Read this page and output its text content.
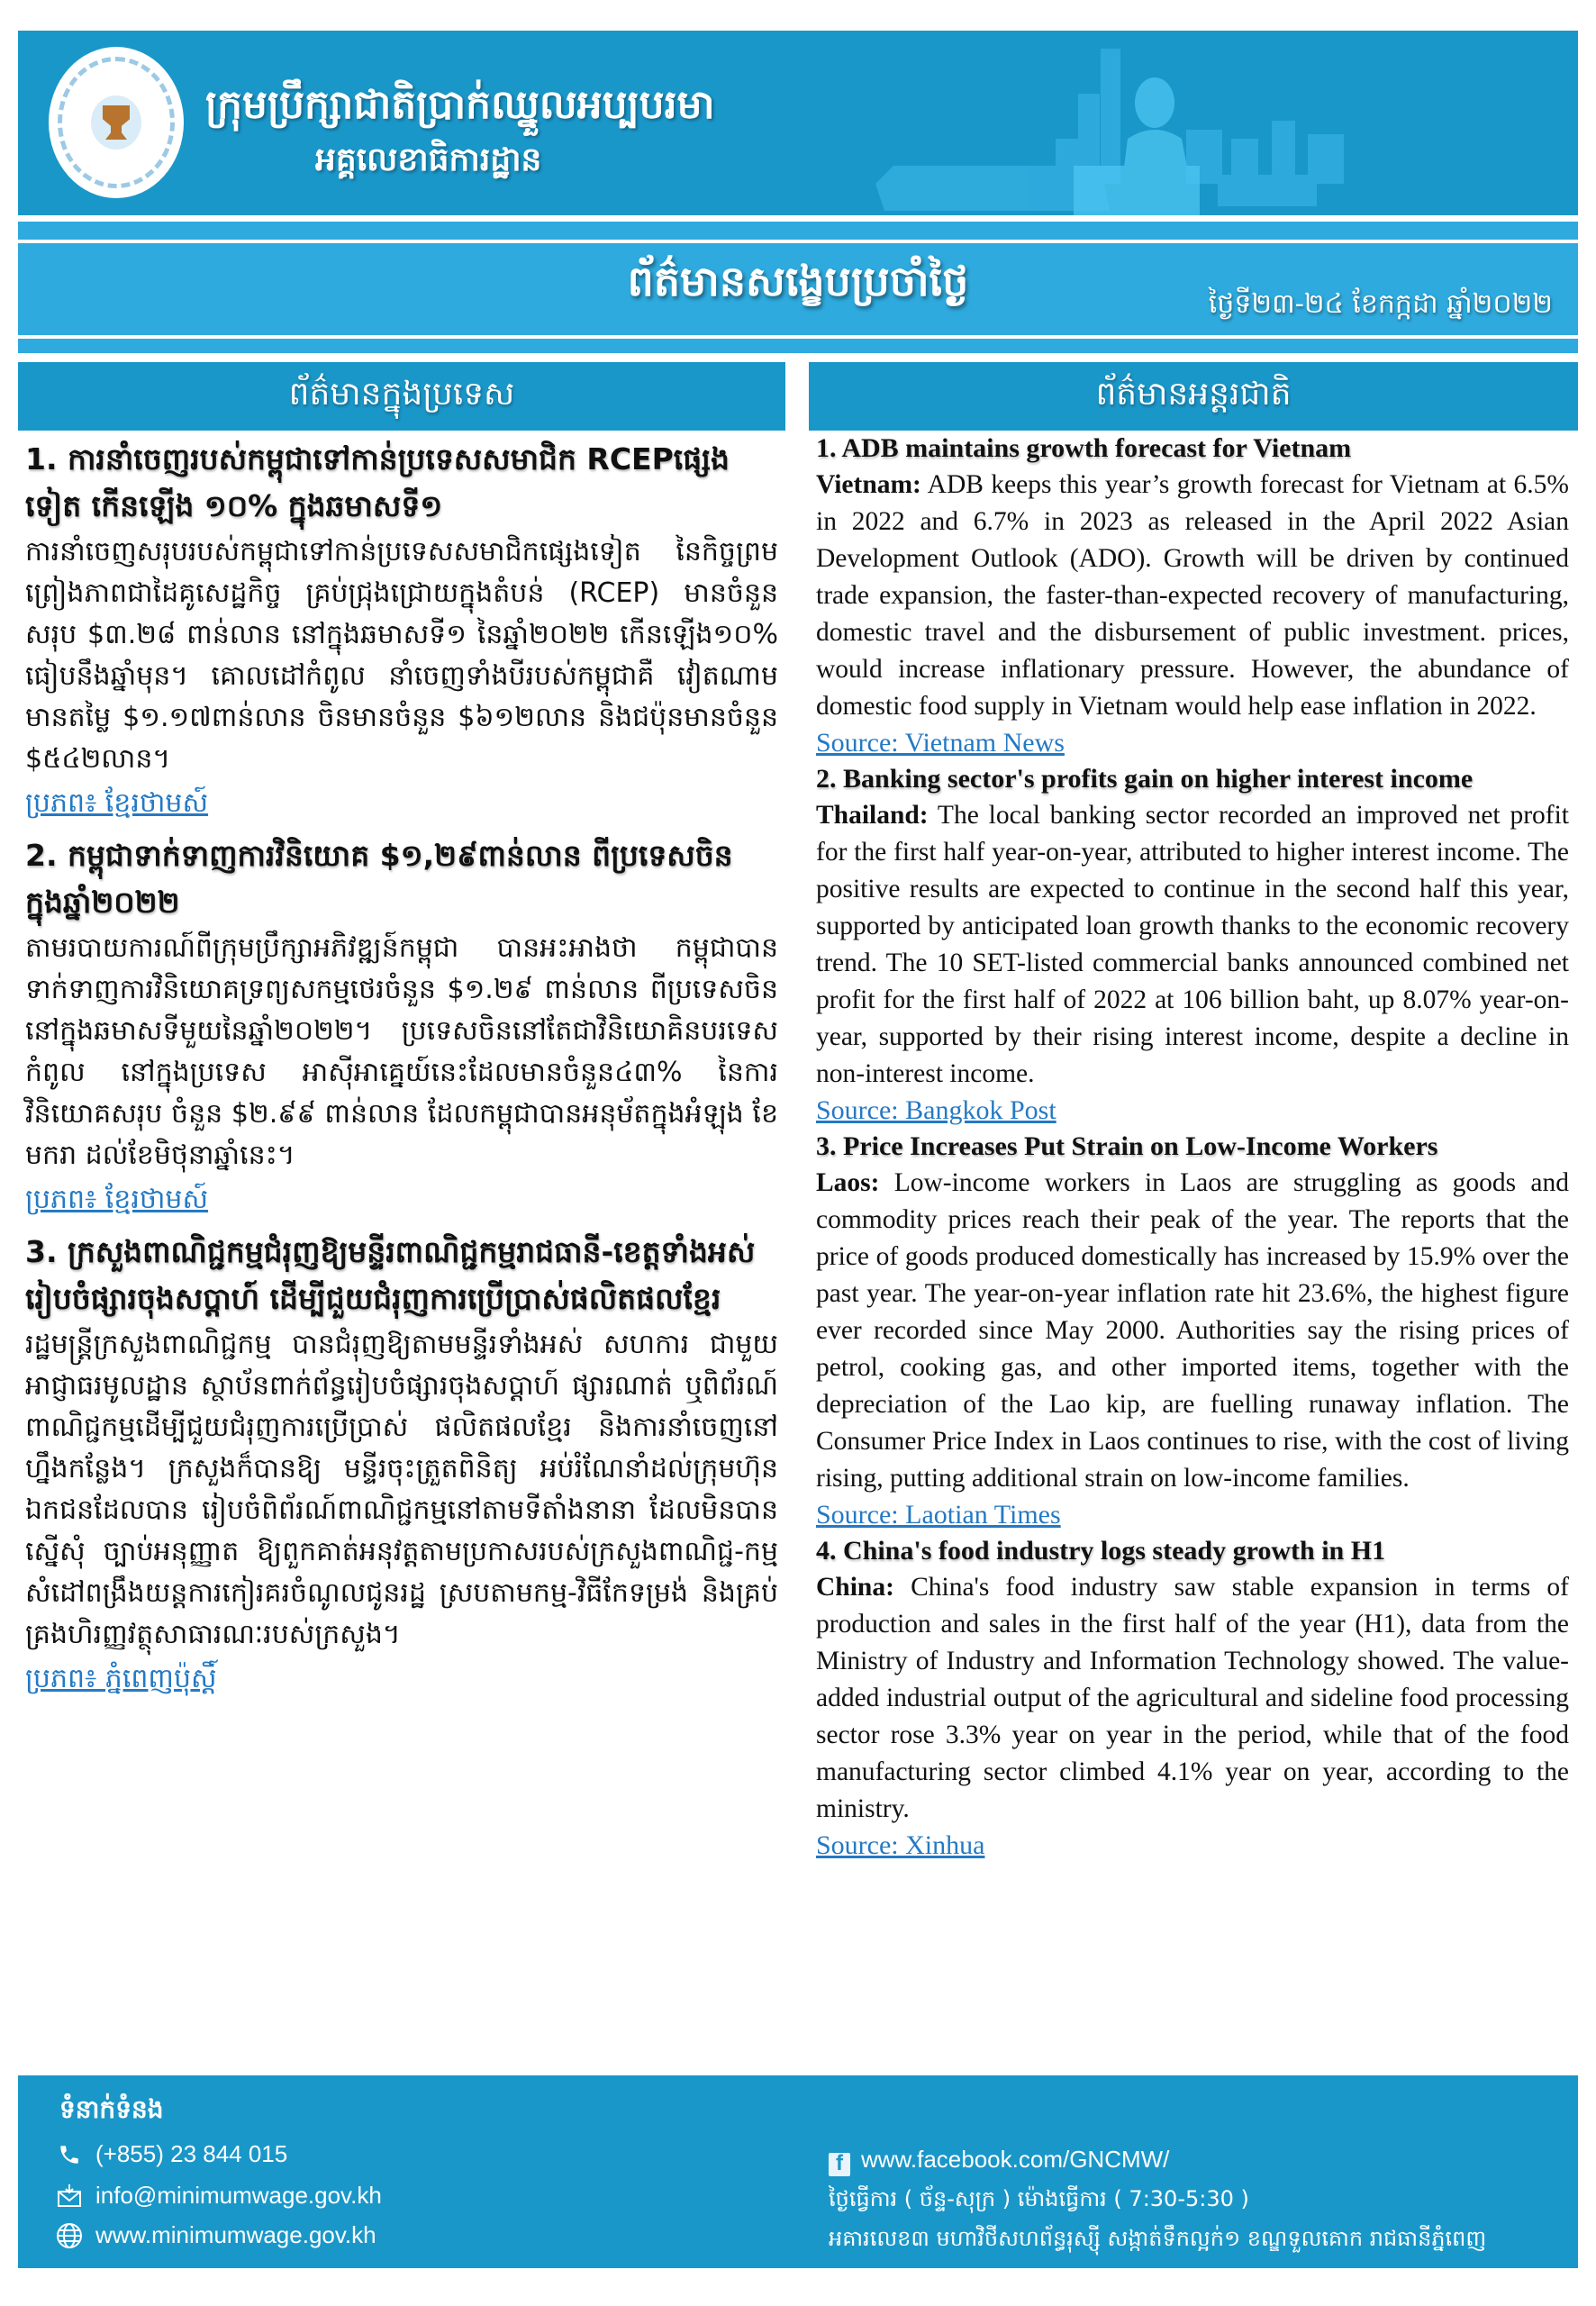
ក្រុមប្រឹក្សាជាតិប្រាក់ឈ្នួលអប្បបរមា
អគ្គលេខាធិការដ្ឋាន
ព័ត៌មានសង្ខេបប្រចាំថ្ងៃ	ថ្ងៃទី២៣-២៤ ខែកក្កដា ឆ្នាំ២០២២
ព័ត៌មានក្នុងប្រទេស

1. ការនាំចេញរបស់កម្ពុជាទៅកាន់ប្រទេសសមាជិក RCEPផ្សេងទៀត កើនឡើង ១០% ក្នុងឆមាសទី១

ការនាំចេញសរុបរបស់កម្ពុជាទៅកាន់ប្រទេសសមាជិកផ្សេងទៀត នៃកិច្ចព្រមព្រៀងភាពជាដៃគូសេដ្ឋកិច្ច គ្រប់ជ្រុងជ្រោយក្នុងតំបន់ (RCEP) មានចំនួនសរុប $៣.២៨ ពាន់លាន នៅក្នុងឆមាសទី១ នៃឆ្នាំ២០២២ កើនឡើង១០% ធៀបនឹងឆ្នាំមុន។ គោលដៅកំពូល នាំចេញទាំងបីរបស់កម្ពុជាគឺ វៀតណាមមានតម្លៃ $១.១៧ពាន់លាន ចិនមានចំនួន $៦១២លាន និងជប៉ុនមានចំនួន $៥៤២លាន។

ប្រភព៖ ខ្មែរថាមស៍

2. កម្ពុជាទាក់ទាញការវិនិយោគ $១,២៩ពាន់លាន ពីប្រទេសចិន ក្នុងឆ្នាំ២០២២

តាមរបាយការណ៍ពីក្រុមប្រឹក្សាអភិវឌ្ឍន៍កម្ពុជា បានអះអាងថា កម្ពុជាបានទាក់ទាញការវិនិយោគទ្រព្យសកម្មថេរចំនួន $១.២៩ ពាន់លាន ពីប្រទេសចិននៅក្នុងឆមាសទីមួយនៃឆ្នាំ២០២២។ ប្រទេសចិននៅតែជាវិនិយោគិនបរទេសកំពូល នៅក្នុងប្រទេស អាស៊ីអាគ្នេយ៍នេះដែលមានចំនួន៤៣% នៃការវិនិយោគសរុប ចំនួន $២.៩៩ ពាន់លាន ដែលកម្ពុជាបានអនុម័តក្នុងអំឡុង ខែមករា ដល់ខែមិថុនាឆ្នាំនេះ។

ប្រភព៖ ខ្មែរថាមស៍

3. ក្រសួងពាណិជ្ជកម្មជំរុញឱ្យមន្ទីរពាណិជ្ជកម្មរាជធានី-ខេត្តទាំងអស់ រៀបចំផ្សារចុងសប្តាហ៍ ដើម្បីជួយជំរុញការប្រើប្រាស់ផលិតផលខ្មែរ

រដ្ឋមន្ត្រីក្រសួងពាណិជ្ជកម្ម បានជំរុញឱ្យតាមមន្ទីរទាំងអស់ សហការ ជាមួយអាជ្ញាធរមូលដ្ឋាន ស្ថាប័នពាក់ព័ន្ធរៀបចំផ្សារចុងសប្តាហ៍ ផ្សារណាត់ ឬពិព័រណ៍ពាណិជ្ជកម្មដើម្បីជួយជំរុញការប្រើប្រាស់ ផលិតផលខ្មែរ និងការនាំចេញនៅហ្នឹងកន្លែង។ ក្រសួងក៏បានឱ្យ មន្ទីរចុះត្រួតពិនិត្យ អប់រំណែនាំដល់ក្រុមហ៊ុនឯកជនដែលបាន រៀបចំពិព័រណ៍ពាណិជ្ជកម្មនៅតាមទីតាំងនានា ដែលមិនបានស្នើសុំ ច្បាប់អនុញ្ញាត ឱ្យពួកគាត់អនុវត្តតាមប្រកាសរបស់ក្រសួងពាណិជ្ជ-កម្ម សំដៅពង្រឹងយន្តការកៀរគរចំណូលជូនរដ្ឋ ស្របតាមកម្ម-វិធីកែទម្រង់ និងគ្រប់គ្រងហិរញ្ញវត្ថុសាធារណៈរបស់ក្រសួង។

ប្រភព៖ ភ្នំពេញប៉ុស្តិ៍
ព័ត៌មានអន្តរជាតិ

1. ADB maintains growth forecast for Vietnam

Vietnam: ADB keeps this year’s growth forecast for Vietnam at 6.5% in 2022 and 6.7% in 2023 as released in the April 2022 Asian Development Outlook (ADO). Growth will be driven by continued trade expansion, the faster-than-expected recovery of manufacturing, domestic travel and the disbursement of public investment. prices, would increase inflationary pressure. However, the abundance of domestic food supply in Vietnam would help ease inflation in 2022.

Source: Vietnam News

2. Banking sector's profits gain on higher interest income

Thailand: The local banking sector recorded an improved net profit for the first half year-on-year, attributed to higher interest income. The positive results are expected to continue in the second half this year, supported by anticipated loan growth thanks to the economic recovery trend. The 10 SET-listed commercial banks announced combined net profit for the first half of 2022 at 106 billion baht, up 8.07% year-on-year, supported by their rising interest income, despite a decline in non-interest income.

Source: Bangkok Post

3. Price Increases Put Strain on Low-Income Workers

Laos: Low-income workers in Laos are struggling as goods and commodity prices reach their peak of the year. The reports that the price of goods produced domestically has increased by 15.9% over the past year. The year-on-year inflation rate hit 23.6%, the highest figure ever recorded since May 2000. Authorities say the rising prices of petrol, cooking gas, and other imported items, together with the depreciation of the Lao kip, are fuelling runaway inflation. The Consumer Price Index in Laos continues to rise, with the cost of living rising, putting additional strain on low-income families.

Source: Laotian Times

4. China's food industry logs steady growth in H1

China: China's food industry saw stable expansion in terms of production and sales in the first half of the year (H1), data from the Ministry of Industry and Information Technology showed. The value-added industrial output of the agricultural and sideline food processing sector rose 3.3% year on year in the period, while that of the food manufacturing sector climbed 4.1% year on year, according to the ministry.

Source: Xinhua
ទំនាក់ទំនង
(+855) 23 844 015
info@minimumwage.gov.kh
www.minimumwage.gov.kh
f www.facebook.com/GNCMW/
ថ្ងៃធ្វើការ ( ច័ន្ទ-សុក្រ ) ម៉ោងធ្វើការ ( 7:30-5:30 )
អគារលេខ៣ មហាវិថីសហព័ន្ធរុស្ស៊ី សង្កាត់ទឹកល្អក់១ ខណ្ឌទួលគោក រាជធានីភ្នំពេញ
